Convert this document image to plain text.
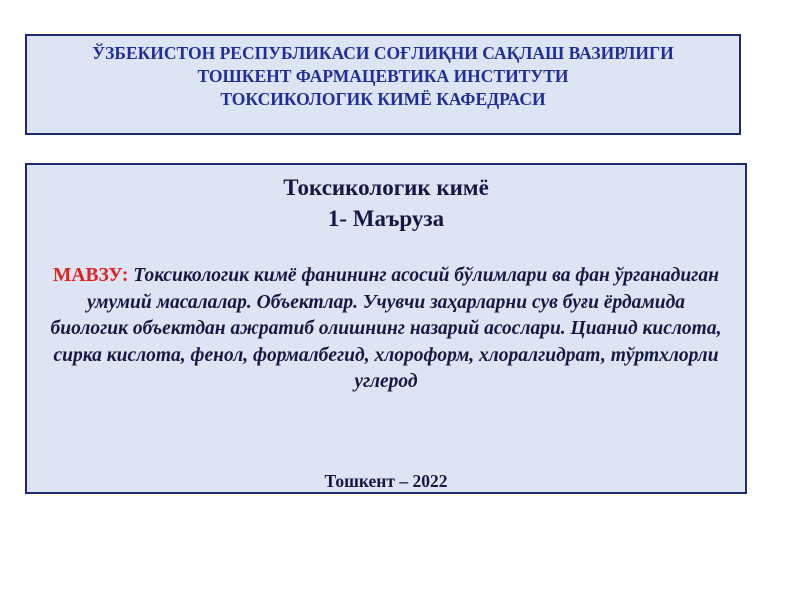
ЎЗБЕКИСТОН РЕСПУБЛИКАСИ СОҒЛИҚНИ САҚЛАШ ВАЗИРЛИГИ
ТОШКЕНТ ФАРМАЦЕВТИКА ИНСТИТУТИ
ТОКСИКОЛОГИК КИМЁ КАФЕДРАСИ
Токсикологик кимё
1- Маъруза
МАВЗУ: Токсикологик кимё фанининг асосий бўлимлари ва фан ўрганадиган умумий масалалар. Объектлар. Учувчи заҳарларни сув буғи ёрдамида биологик объектдан ажратиб олишнинг назарий асослари. Цианид кислота, сирка кислота, фенол, формалбегид, хлороформ, хлоралгидрат, тўртхлорли углерод
Тошкент – 2022
